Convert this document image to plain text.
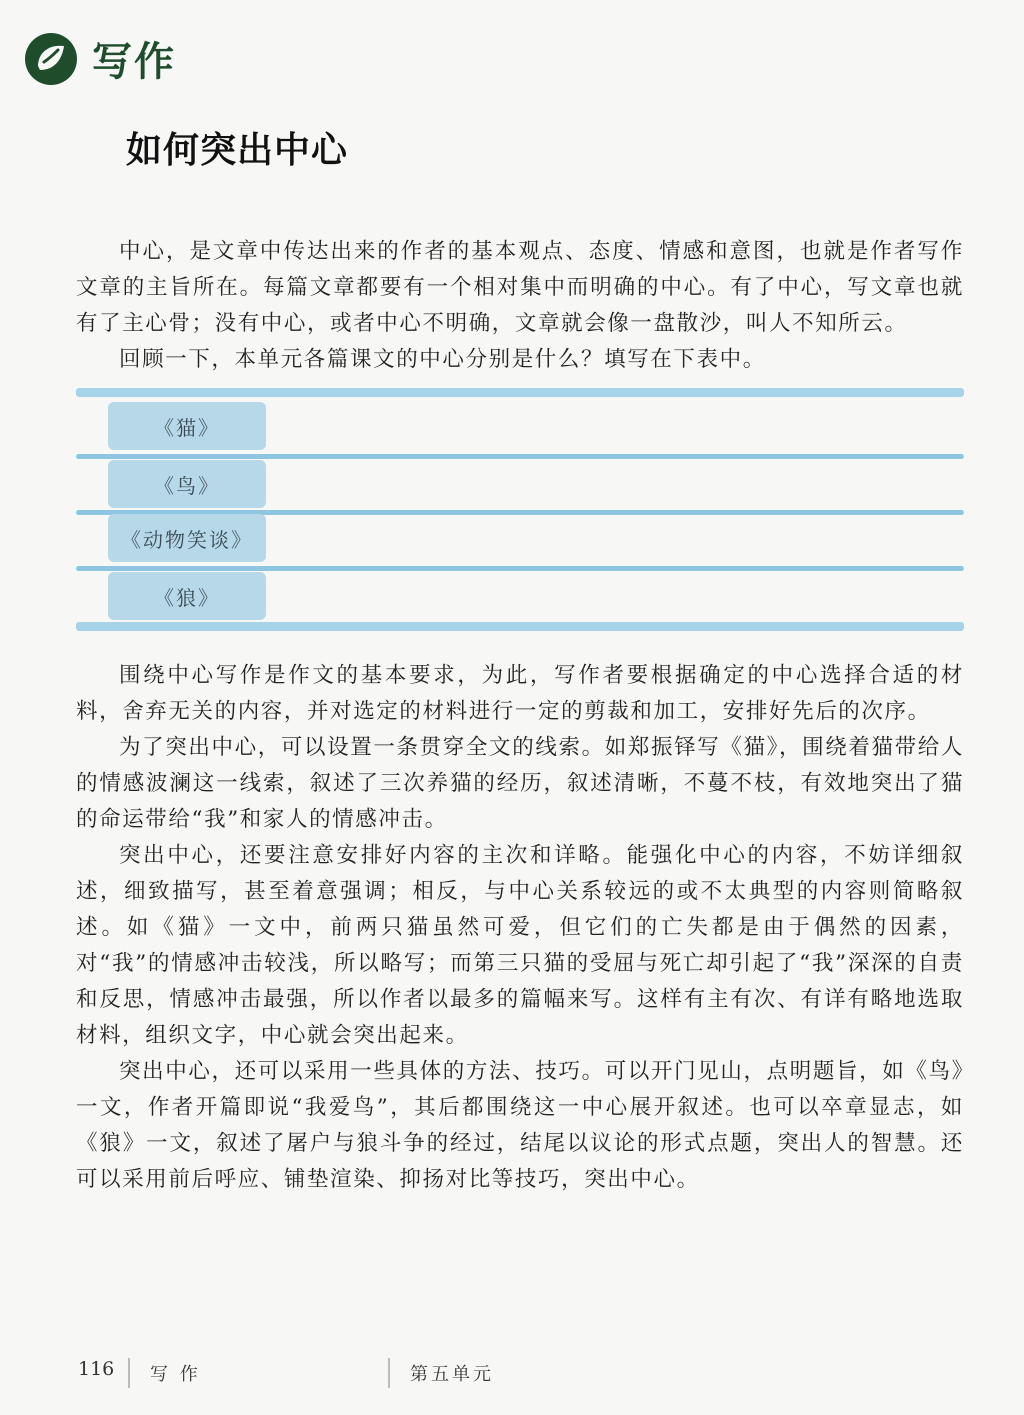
写作
如何突出中心

中心，是文章中传达出来的作者的基本观点、态度、情感和意图，也就是作者写作文章的主旨所在。每篇文章都要有一个相对集中而明确的中心。有了中心，写文章也就有了主心骨；没有中心，或者中心不明确，文章就会像一盘散沙，叫人不知所云。

回顾一下，本单元各篇课文的中心分别是什么？填写在下表中。

《猫》
《鸟》
《动物笑谈》
《狼》

围绕中心写作是作文的基本要求，为此，写作者要根据确定的中心选择合适的材料，舍弃无关的内容，并对选定的材料进行一定的剪裁和加工，安排好先后的次序。

为了突出中心，可以设置一条贯穿全文的线索。如郑振铎写《猫》，围绕着猫带给人的情感波澜这一线索，叙述了三次养猫的经历，叙述清晰，不蔓不枝，有效地突出了猫的命运带给“我”和家人的情感冲击。

突出中心，还要注意安排好内容的主次和详略。能强化中心的内容，不妨详细叙述，细致描写，甚至着意强调；相反，与中心关系较远的或不太典型的内容则简略叙述。如《猫》一文中，前两只猫虽然可爱，但它们的亡失都是由于偶然的因素，对“我”的情感冲击较浅，所以略写；而第三只猫的受屈与死亡却引起了“我”深深的自责和反思，情感冲击最强，所以作者以最多的篇幅来写。这样有主有次、有详有略地选取材料，组织文字，中心就会突出起来。

突出中心，还可以采用一些具体的方法、技巧。可以开门见山，点明题旨，如《鸟》一文，作者开篇即说“我爱鸟”，其后都围绕这一中心展开叙述。也可以卒章显志，如《狼》一文，叙述了屠户与狼斗争的经过，结尾以议论的形式点题，突出人的智慧。还可以采用前后呼应、铺垫渲染、抑扬对比等技巧，突出中心。

116 写 作	第五单元
